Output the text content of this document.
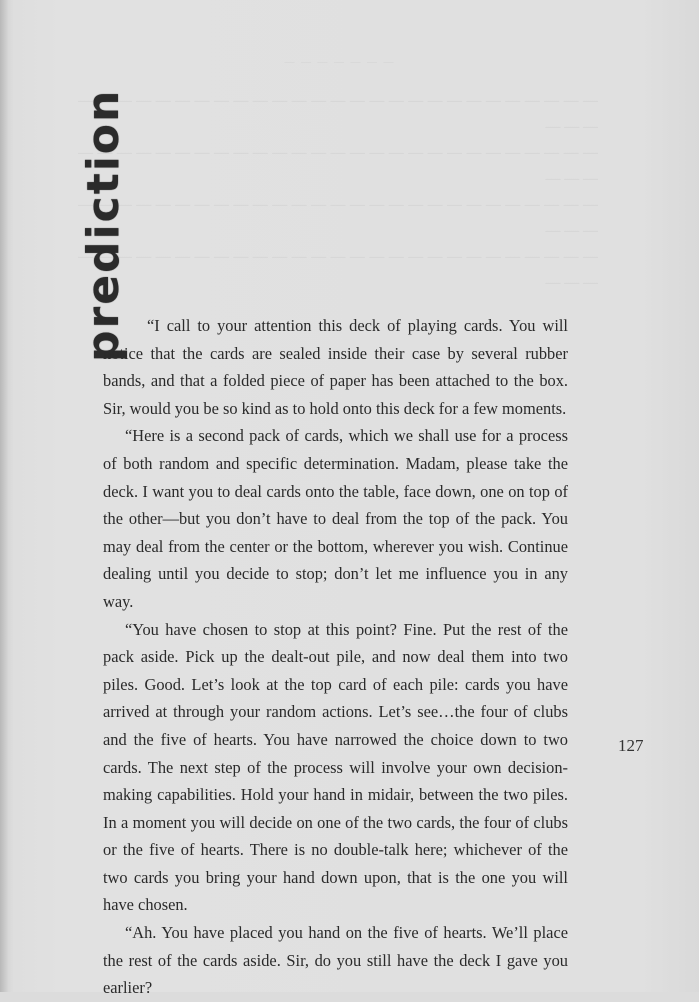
— — — — — — —

— — — — — — — — — — — — — — — — — — — — — — — — — — — — — —

— — — — — — — — — — — — — — — — — — — — — — — — — — — — — —

— — — — — — — — — — — — — — — — — — — — — — — — — — — — — —

— — — — — — — — — — — — — — — — — — — — — — — — — — — — — —

prediction	“I call to your attention this deck of playing cards. You will notice that the cards are sealed inside their case by several rubber bands, and that a folded piece of paper has been attached to the box. Sir, would you be so kind as to hold onto this deck for a few moments.

“Here is a second pack of cards, which we shall use for a process of both random and specific determination. Madam, please take the deck. I want you to deal cards onto the table, face down, one on top of the other—but you don’t have to deal from the top of the pack. You may deal from the center or the bottom, wherever you wish. Continue dealing until you decide to stop; don’t let me influence you in any way.

“You have chosen to stop at this point? Fine. Put the rest of the pack aside. Pick up the dealt-out pile, and now deal them into two piles. Good. Let’s look at the top card of each pile: cards you have arrived at through your random actions. Let’s see…the four of clubs and the five of hearts. You have narrowed the choice down to two cards. The next step of the process will involve your own decision-making capabilities. Hold your hand in midair, between the two piles. In a moment you will decide on one of the two cards, the four of clubs or the five of hearts. There is no double-talk here; whichever of the two cards you bring your hand down upon, that is the one you will have chosen.

“Ah. You have placed you hand on the five of hearts. We’ll place the rest of the cards aside. Sir, do you still have the deck I gave you earlier?

127
